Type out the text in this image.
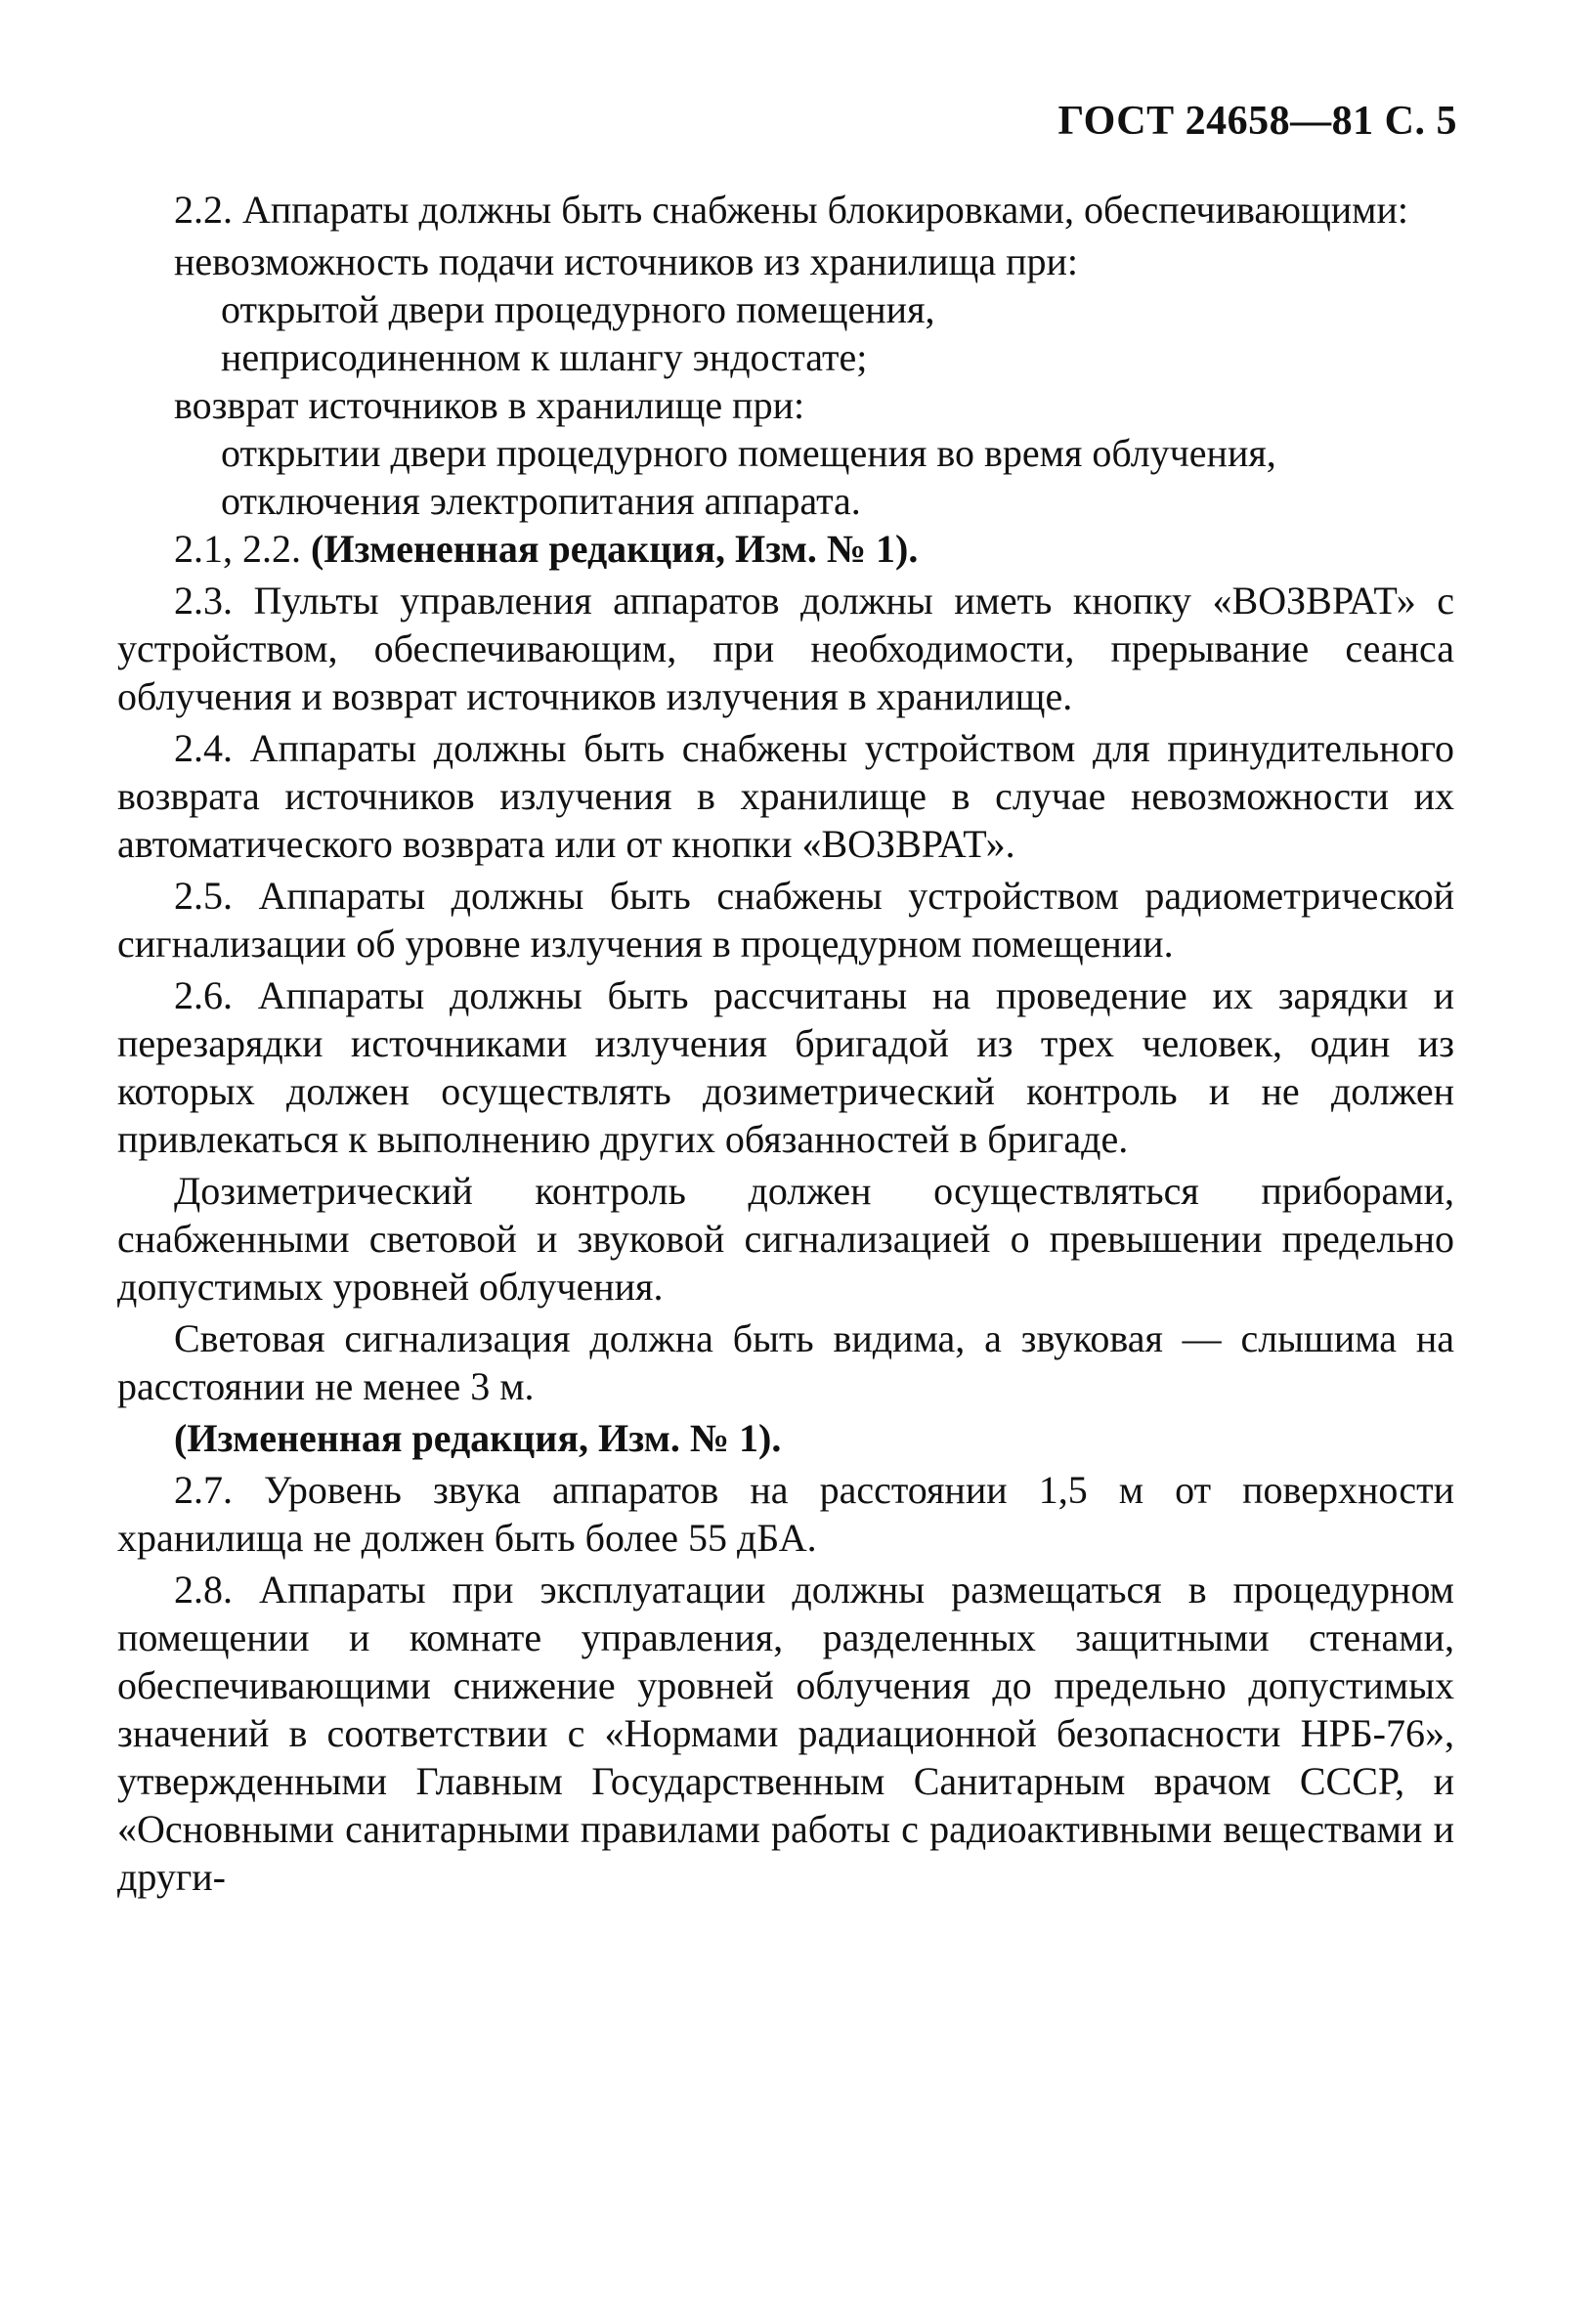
ГОСТ 24658—81 С. 5

2.2. Аппараты должны быть снабжены блокировками, обеспечивающими:

невозможность подачи источников из хранилища при:

открытой двери процедурного помещения,

неприсодиненном к шлангу эндостате;

возврат источников в хранилище при:

открытии двери процедурного помещения во время облучения,

отключения электропитания аппарата.

2.1, 2.2. (Измененная редакция, Изм. № 1).

2.3. Пульты управления аппаратов должны иметь кнопку «ВОЗВРАТ» с устройством, обеспечивающим, при необходимости, прерывание сеанса облучения и возврат источников излучения в хранилище.

2.4. Аппараты должны быть снабжены устройством для принудительного возврата источников излучения в хранилище в случае невозможности их автоматического возврата или от кнопки «ВОЗВРАТ».

2.5. Аппараты должны быть снабжены устройством радиометрической сигнализации об уровне излучения в процедурном помещении.

2.6. Аппараты должны быть рассчитаны на проведение их зарядки и перезарядки источниками излучения бригадой из трех человек, один из которых должен осуществлять дозиметрический контроль и не должен привлекаться к выполнению других обязанностей в бригаде.

Дозиметрический контроль должен осуществляться приборами, снабженными световой и звуковой сигнализацией о превышении предельно допустимых уровней облучения.

Световая сигнализация должна быть видима, а звуковая — слышима на расстоянии не менее 3 м.

(Измененная редакция, Изм. № 1).

2.7. Уровень звука аппаратов на расстоянии 1,5 м от поверхности хранилища не должен быть более 55 дБА.

2.8. Аппараты при эксплуатации должны размещаться в процедурном помещении и комнате управления, разделенных защитными стенами, обеспечивающими снижение уровней облучения до предельно допустимых значений в соответствии с «Нормами радиационной безопасности НРБ-76», утвержденными Главным Государственным Санитарным врачом СССР, и «Основными санитарными правилами работы с радиоактивными веществами и други-
